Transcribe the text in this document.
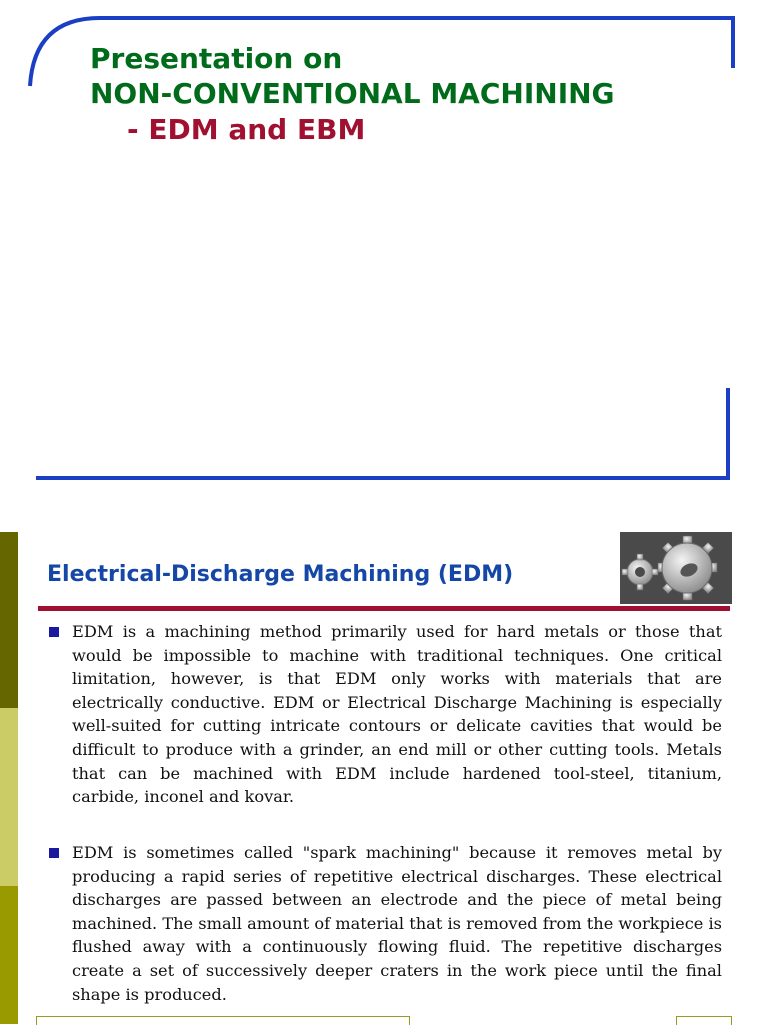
Presentation on
NON-CONVENTIONAL MACHINING
- EDM and EBM
Electrical-Discharge Machining (EDM)
EDM is a machining method primarily used for hard metals or those that would be impossible to machine with traditional techniques. One critical limitation, however, is that EDM only works with materials that are electrically conductive. EDM or Electrical Discharge Machining is especially well-suited for cutting intricate contours or delicate cavities that would be difficult to produce with a grinder, an end mill or other cutting tools. Metals that can be machined with EDM include hardened tool-steel, titanium, carbide, inconel and kovar.
EDM is sometimes called "spark machining" because it removes metal by producing a rapid series of repetitive electrical discharges. These electrical discharges are passed between an electrode and the piece of metal being machined. The small amount of material that is removed from the workpiece is flushed away with a continuously flowing fluid. The repetitive discharges create a set of successively deeper craters in the work piece until the final shape is produced.
